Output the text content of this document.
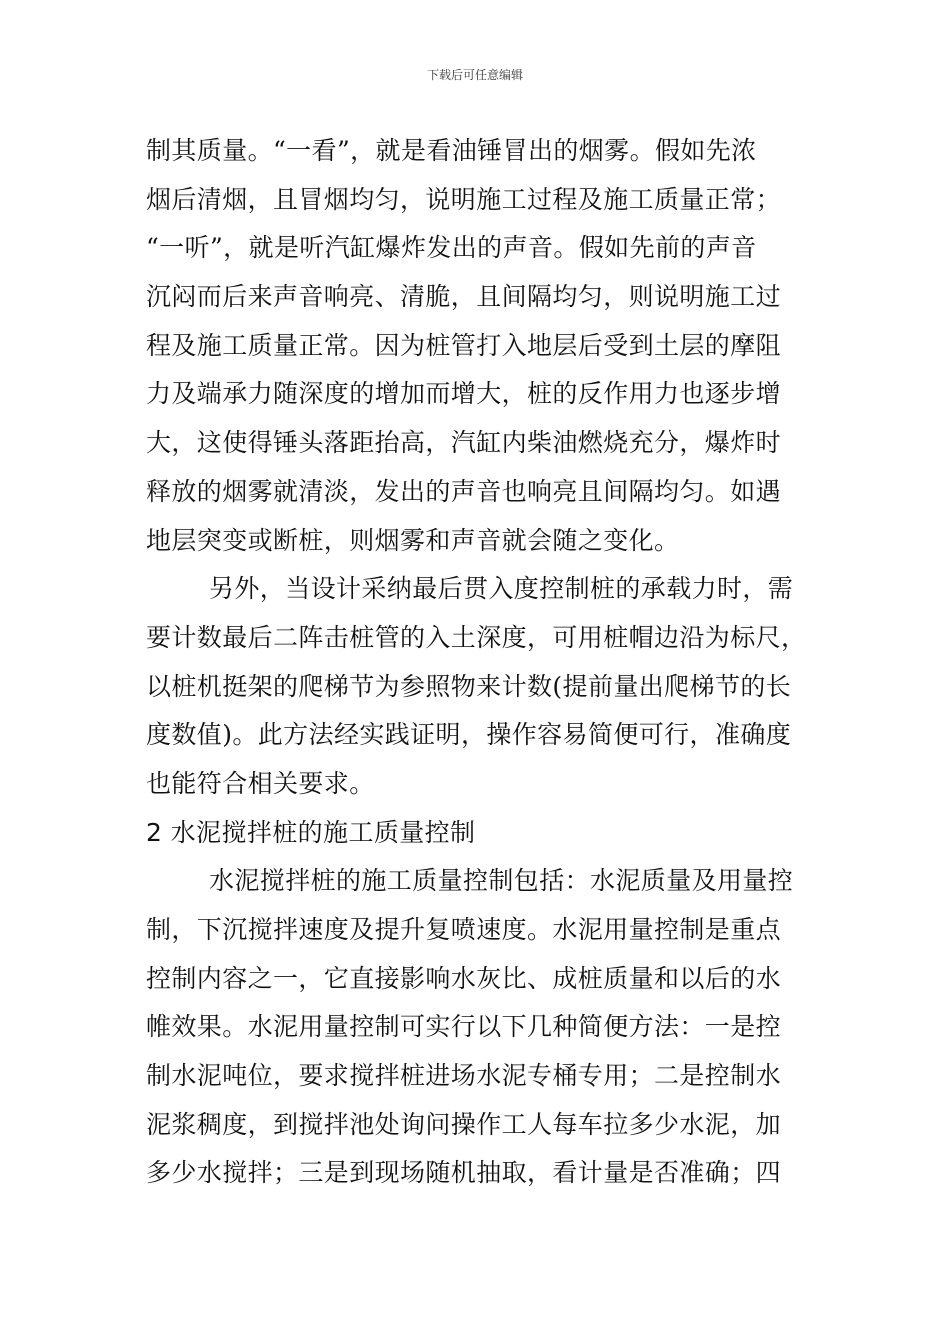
下载后可任意编辑
制其质量。“一看”，就是看油锤冒出的烟雾。假如先浓
烟后清烟，且冒烟均匀，说明施工过程及施工质量正常；
“一听”，就是听汽缸爆炸发出的声音。假如先前的声音
沉闷而后来声音响亮、清脆，且间隔均匀，则说明施工过
程及施工质量正常。因为桩管打入地层后受到土层的摩阻
力及端承力随深度的增加而增大，桩的反作用力也逐步增
大，这使得锤头落距抬高，汽缸内柴油燃烧充分，爆炸时
释放的烟雾就清淡，发出的声音也响亮且间隔均匀。如遇
地层突变或断桩，则烟雾和声音就会随之变化。
另外，当设计采纳最后贯入度控制桩的承载力时，需
要计数最后二阵击桩管的入土深度，可用桩帽边沿为标尺，
以桩机挺架的爬梯节为参照物来计数(提前量出爬梯节的长
度数值)。此方法经实践证明，操作容易简便可行，准确度
也能符合相关要求。
2 水泥搅拌桩的施工质量控制
水泥搅拌桩的施工质量控制包括：水泥质量及用量控
制，下沉搅拌速度及提升复喷速度。水泥用量控制是重点
控制内容之一，它直接影响水灰比、成桩质量和以后的水
帷效果。水泥用量控制可实行以下几种简便方法：一是控
制水泥吨位，要求搅拌桩进场水泥专桶专用；二是控制水
泥浆稠度，到搅拌池处询问操作工人每车拉多少水泥，加
多少水搅拌；三是到现场随机抽取，看计量是否准确；四
